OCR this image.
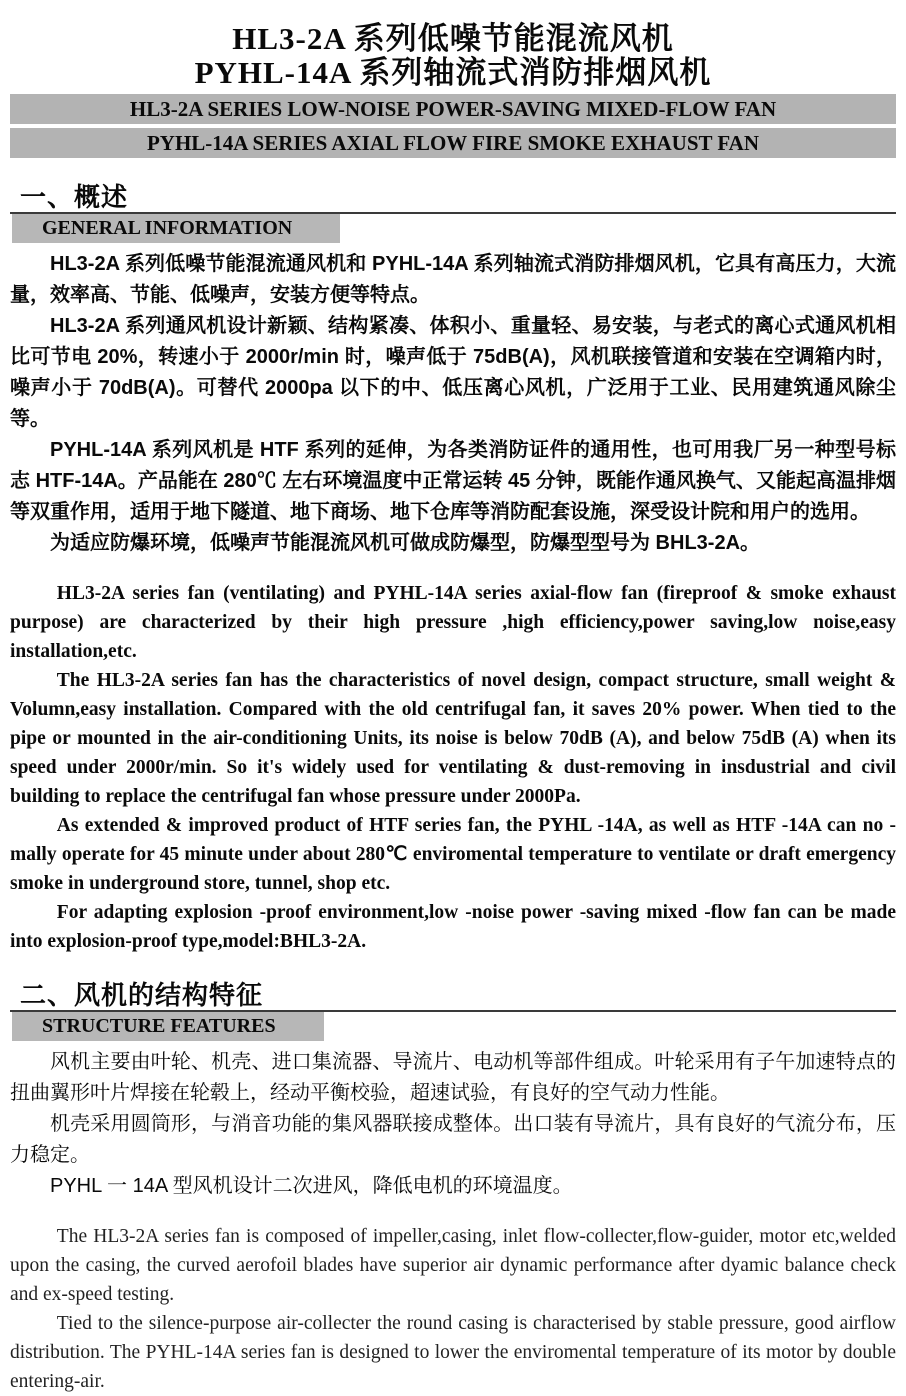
HL3-2A 系列低噪节能混流风机

PYHL-14A 系列轴流式消防排烟风机

HL3-2A SERIES LOW-NOISE POWER-SAVING MIXED-FLOW FAN
PYHL-14A SERIES AXIAL FLOW FIRE SMOKE EXHAUST FAN
一、概述
GENERAL INFORMATION

HL3-2A 系列低噪节能混流通风机和 PYHL-14A 系列轴流式消防排烟风机，它具有高压力，大流量，效率高、节能、低噪声，安装方便等特点。

HL3-2A 系列通风机设计新颖、结构紧凑、体积小、重量轻、易安装，与老式的离心式通风机相比可节电 20%，转速小于 2000r/min 时，噪声低于 75dB(A)，风机联接管道和安装在空调箱内时，噪声小于 70dB(A)。可替代 2000pa 以下的中、低压离心风机，广泛用于工业、民用建筑通风除尘等。

PYHL-14A 系列风机是 HTF 系列的延伸，为各类消防证件的通用性，也可用我厂另一种型号标志 HTF-14A。产品能在 280℃ 左右环境温度中正常运转 45 分钟，既能作通风换气、又能起高温排烟等双重作用，适用于地下隧道、地下商场、地下仓库等消防配套设施，深受设计院和用户的选用。

为适应防爆环境，低噪声节能混流风机可做成防爆型，防爆型型号为 BHL3-2A。

HL3-2A series fan (ventilating) and PYHL-14A series axial-flow fan (fireproof & smoke exhaust purpose) are characterized by their high pressure ,high efficiency,power saving,low noise,easy installation,etc.

The HL3-2A series fan has the characteristics of novel design, compact structure, small weight & Volumn,easy installation. Compared with the old centrifugal fan, it saves 20% power. When tied to the pipe or mounted in the air-conditioning Units, its noise is below 70dB (A), and below 75dB (A) when its speed under 2000r/min. So it's widely used for ventilating & dust-removing in insdustrial and civil building to replace the centrifugal fan whose pressure under 2000Pa.

As extended & improved product of HTF series fan, the PYHL -14A, as well as HTF -14A can no -mally operate for 45 minute under about 280℃ enviromental temperature to ventilate or draft emergency smoke in underground store, tunnel, shop etc.

For adapting explosion -proof environment,low -noise power -saving mixed -flow fan can be made into explosion-proof type,model:BHL3-2A.

二、风机的结构特征
STRUCTURE FEATURES

风机主要由叶轮、机壳、进口集流器、导流片、电动机等部件组成。叶轮采用有子午加速特点的扭曲翼形叶片焊接在轮毂上，经动平衡校验，超速试验，有良好的空气动力性能。

机壳采用圆筒形，与消音功能的集风器联接成整体。出口装有导流片，具有良好的气流分布，压力稳定。

PYHL 一 14A 型风机设计二次进风，降低电机的环境温度。

The HL3-2A series fan is composed of impeller,casing, inlet flow-collecter,flow-guider, motor etc,welded upon the casing, the curved aerofoil blades have superior air dynamic performance after dyamic balance check and ex-speed testing.

Tied to the silence-purpose air-collecter the round casing is characterised by stable pressure, good airflow distribution. The PYHL-14A series fan is designed to lower the enviromental temperature of its motor by double entering-air.
